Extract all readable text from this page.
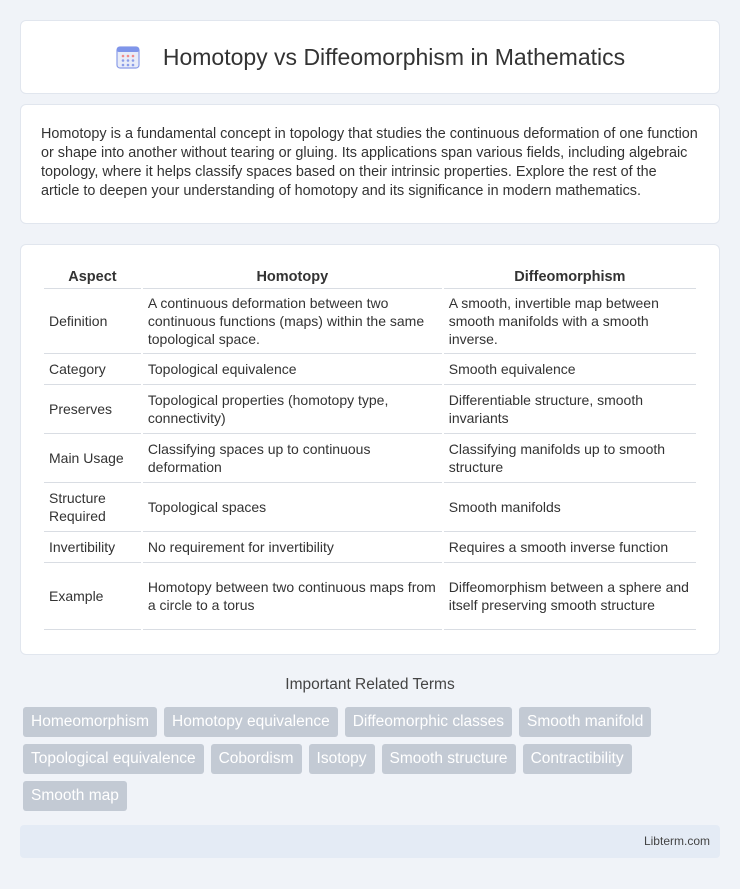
Homotopy vs Diffeomorphism in Mathematics

Homotopy is a fundamental concept in topology that studies the continuous deformation of one function or shape into another without tearing or gluing. Its applications span various fields, including algebraic topology, where it helps classify spaces based on their intrinsic properties. Explore the rest of the article to deepen your understanding of homotopy and its significance in modern mathematics.

Aspect	Homotopy	Diffeomorphism
Definition	A continuous deformation between two continuous functions (maps) within the same topological space.	A smooth, invertible map between smooth manifolds with a smooth inverse.
Category	Topological equivalence	Smooth equivalence
Preserves	Topological properties (homotopy type, connectivity)	Differentiable structure, smooth invariants
Main Usage	Classifying spaces up to continuous deformation	Classifying manifolds up to smooth structure
Structure Required	Topological spaces	Smooth manifolds
Invertibility	No requirement for invertibility	Requires a smooth inverse function
Example	Homotopy between two continuous maps from a circle to a torus	Diffeomorphism between a sphere and itself preserving smooth structure
Important Related Terms
Homeomorphism	Homotopy equivalence	Diffeomorphic classes	Smooth manifold
Topological equivalence	Cobordism	Isotopy	Smooth structure	Contractibility
Smooth map
Libterm.com
